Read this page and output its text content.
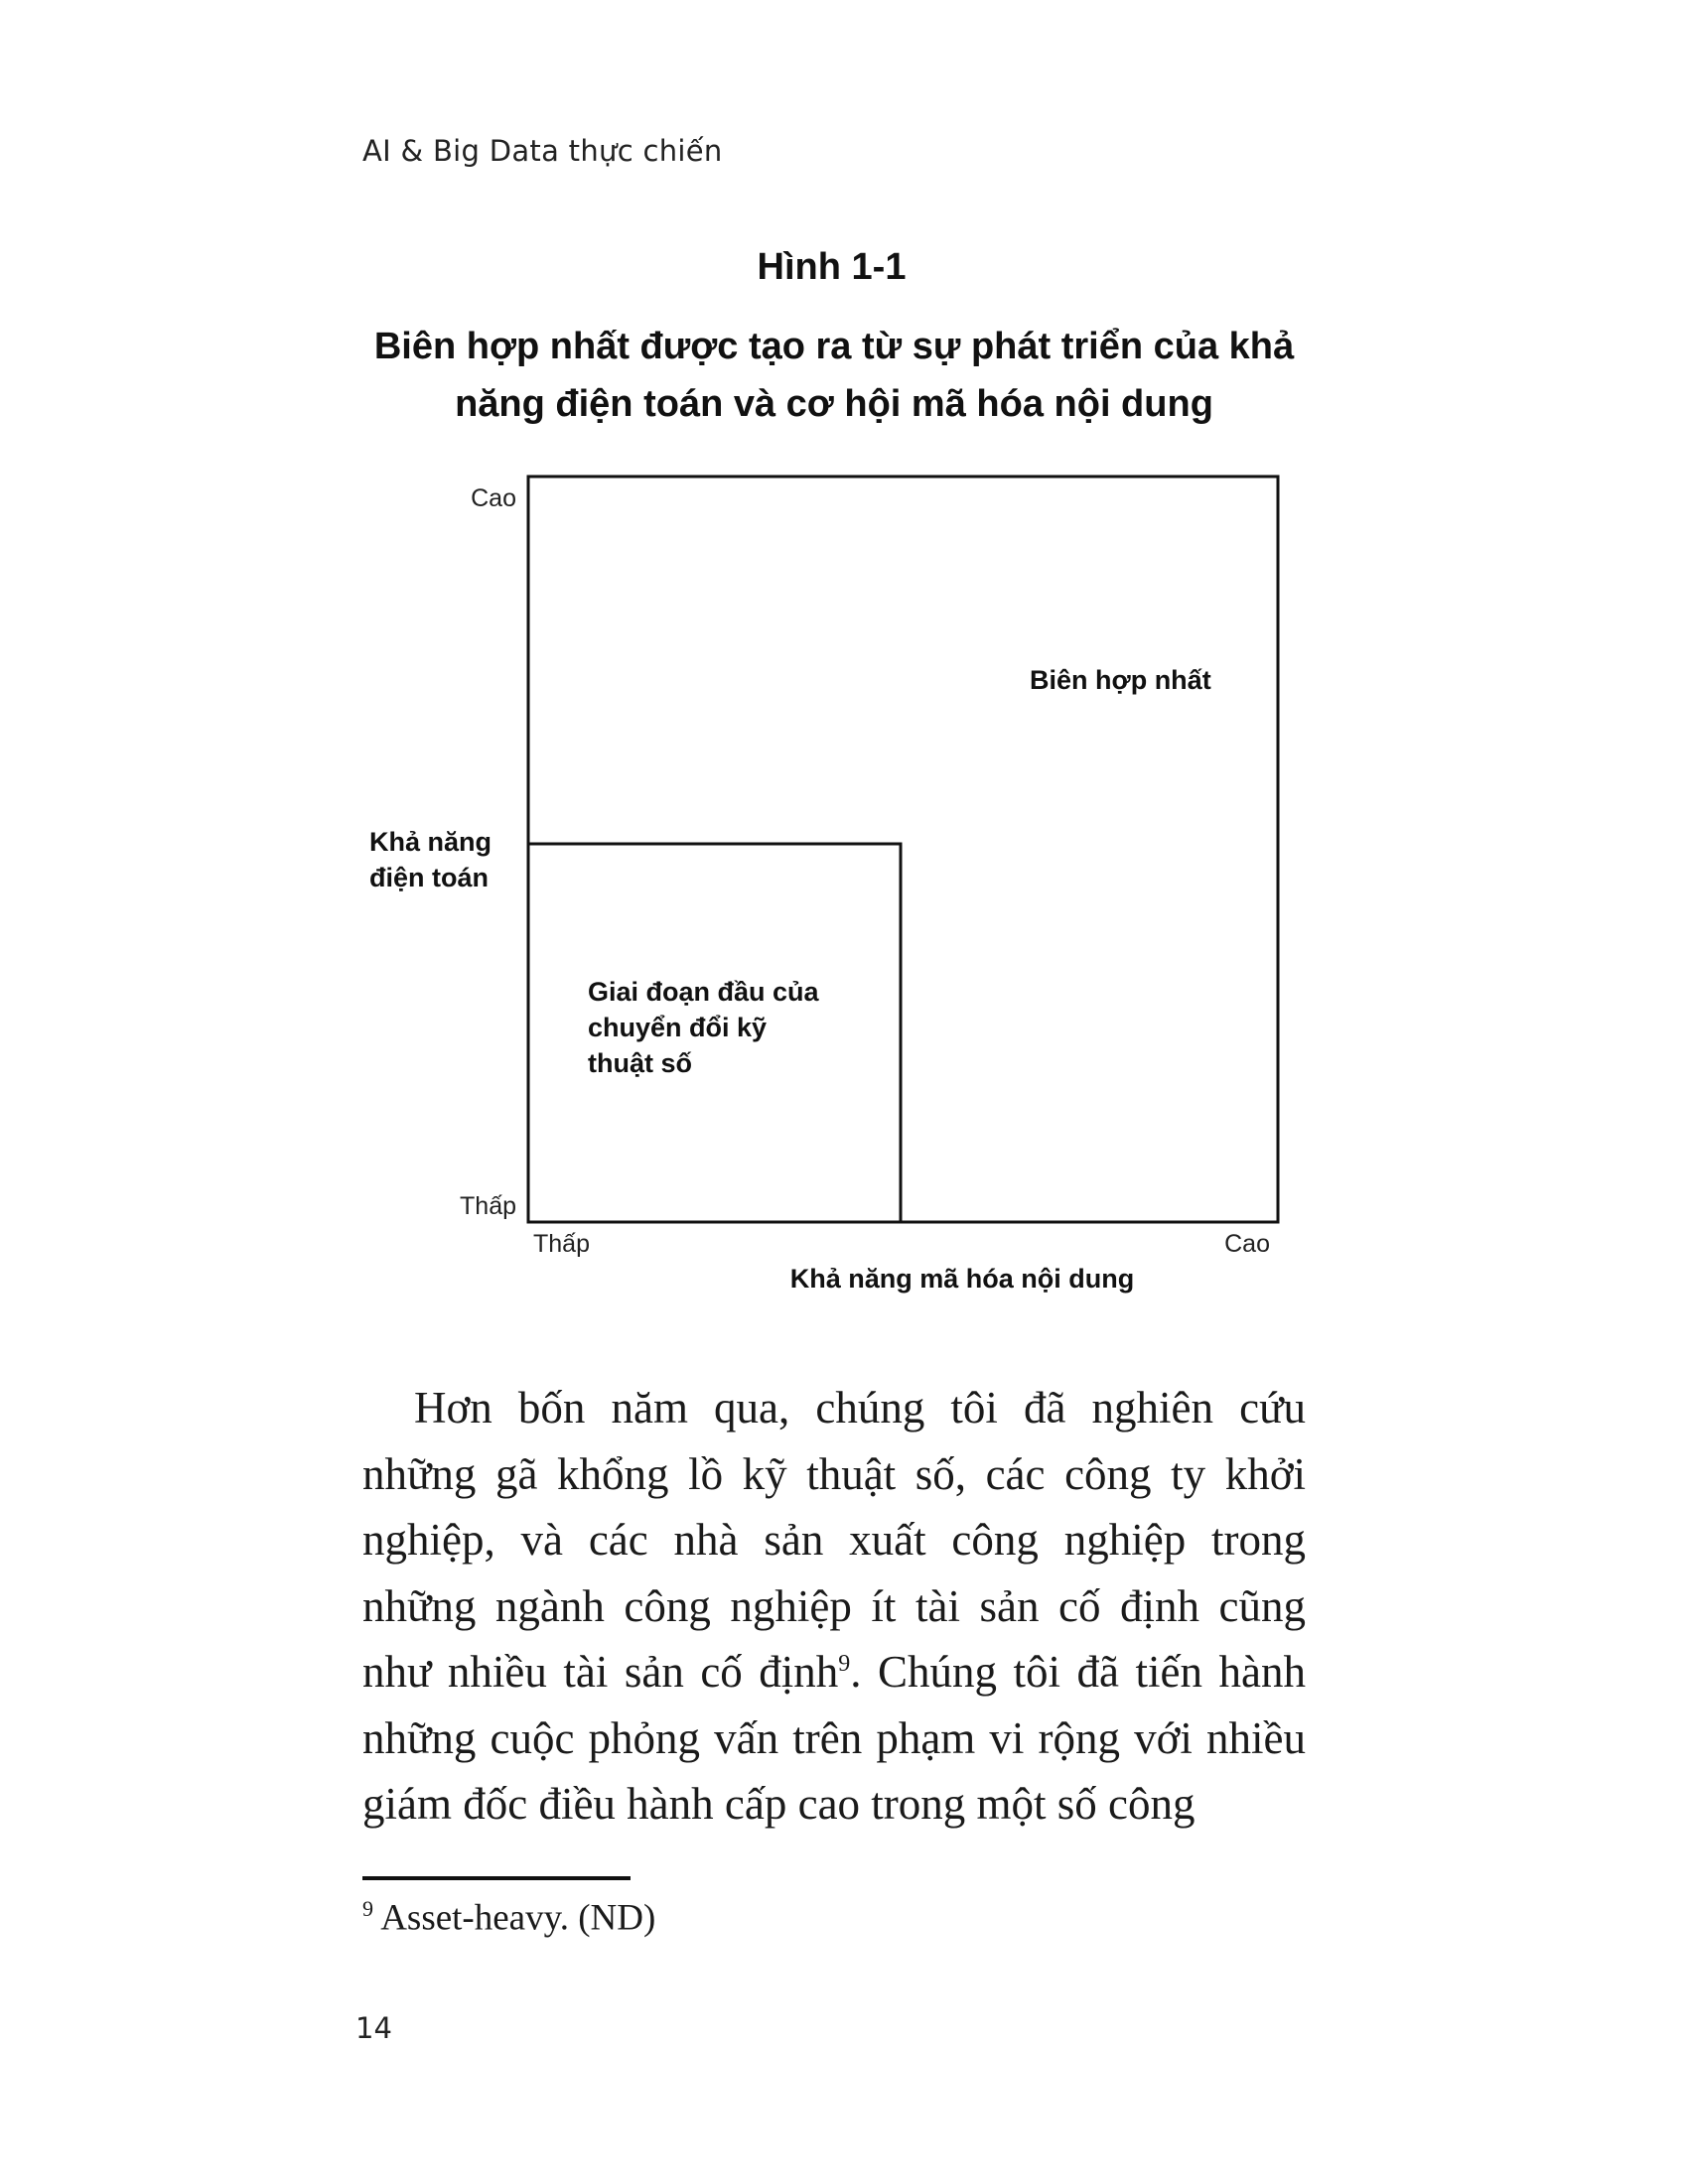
AI & Big Data thực chiến
Hình 1-1
Biên hợp nhất được tạo ra từ sự phát triển của khả
năng điện toán và cơ hội mã hóa nội dung
Cao
Thấp
Khả năng
điện toán
Thấp	Cao
Khả năng mã hóa nội dung
Biên hợp nhất
Giai đoạn đầu của
chuyển đổi kỹ
thuật số

Hơn bốn năm qua, chúng tôi đã nghiên cứu những gã khổng lồ kỹ thuật số, các công ty khởi nghiệp, và các nhà sản xuất công nghiệp trong những ngành công nghiệp ít tài sản cố định cũng như nhiều tài sản cố định$^9$. Chúng tôi đã tiến hành những cuộc phỏng vấn trên phạm vi rộng với nhiều giám đốc điều hành cấp cao trong một số công

$^9$ Asset-heavy. (ND)
14
